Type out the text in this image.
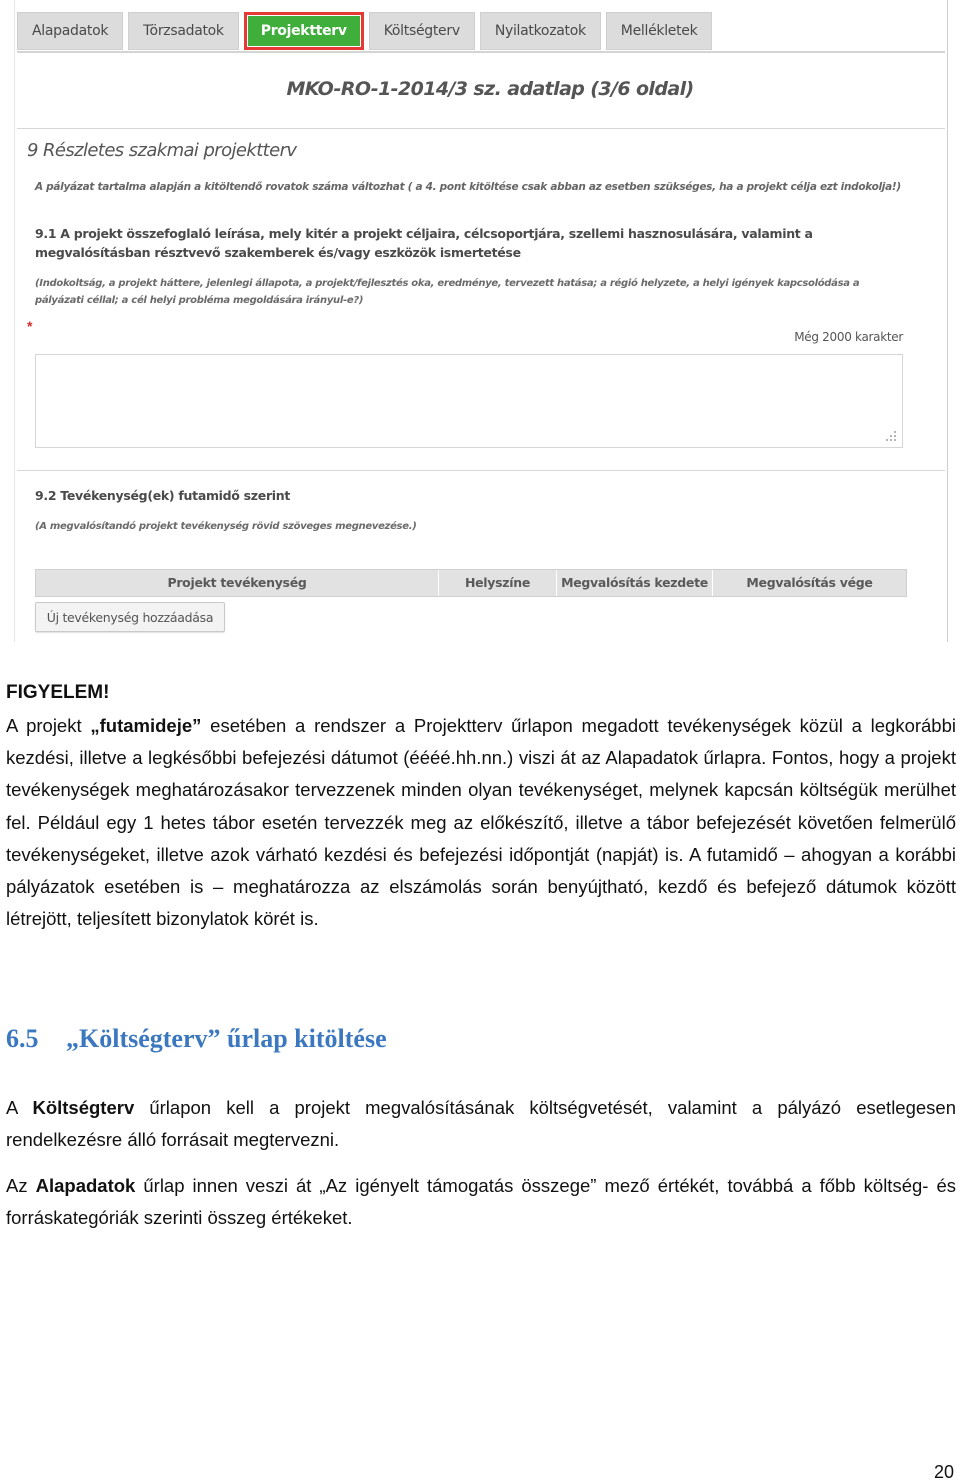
Alapadatok	Törzsadatok	Projektterv	Költségterv	Nyilatkozatok	Mellékletek
MKO-RO-1-2014/3 sz. adatlap (3/6 oldal)
9 Részletes szakmai projektterv
A pályázat tartalma alapján a kitöltendő rovatok száma változhat ( a 4. pont kitöltése csak abban az esetben szükséges, ha a projekt célja ezt indokolja!)
9.1 A projekt összefoglaló leírása, mely kitér a projekt céljaira, célcsoportjára, szellemi hasznosulására, valamint a megvalósításban résztvevő szakemberek és/vagy eszközök ismertetése
(Indokoltság, a projekt háttere, jelenlegi állapota, a projekt/fejlesztés oka, eredménye, tervezett hatása; a régió helyzete, a helyi igények kapcsolódása a pályázati céllal; a cél helyi probléma megoldására irányul-e?)
*
Még 2000 karakter
9.2 Tevékenység(ek) futamidő szerint
(A megvalósítandó projekt tevékenység rövid szöveges megnevezése.)
Projekt tevékenység	Helyszíne	Megvalósítás kezdete	Megvalósítás vége
Új tevékenység hozzáadása
FIGYELEM!

A projekt „futamideje” esetében a rendszer a Projektterv űrlapon megadott tevékenységek közül a legkorábbi kezdési, illetve a legkésőbbi befejezési dátumot (éééé.hh.nn.) viszi át az Alapadatok űrlapra. Fontos, hogy a projekt tevékenységek meghatározásakor tervezzenek minden olyan tevékenységet, melynek kapcsán költségük merülhet fel. Például egy 1 hetes tábor esetén tervezzék meg az előkészítő, illetve a tábor befejezését követően felmerülő tevékenységeket, illetve azok várható kezdési és befejezési időpontját (napját) is. A futamidő – ahogyan a korábbi pályázatok esetében is – meghatározza az elszámolás során benyújtható, kezdő és befejező dátumok között létrejött, teljesített bizonylatok körét is.

6.5 „Költségterv” űrlap kitöltése

A Költségterv űrlapon kell a projekt megvalósításának költségvetését, valamint a pályázó esetlegesen rendelkezésre álló forrásait megtervezni.

Az Alapadatok űrlap innen veszi át „Az igényelt támogatás összege” mező értékét, továbbá a főbb költség- és forráskategóriák szerinti összeg értékeket.

20
